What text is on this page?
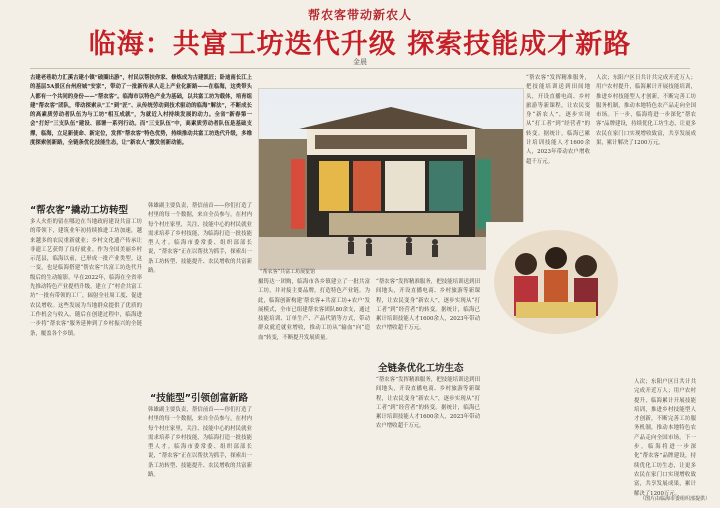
帮农客带动新农人
临海：共富工坊迭代升级 探索技能成才新路
金晨
古建老巷助力汇溪古建小镇“破圈出游”，村民以帮扶你家、修炼成为古建凯匠；卧迪南长江上的基层5A景区台州府城“安家”，带动了一批新传承人走上产业化新路——在临海，这类带头人都有一个共同的身份——“帮农客”。临海市以特色产业为基础，以共富工坊为载体，培育组建“帮农客”团队，带动探索从“工”到“匠”、从传统劳动到技术驱动的临海“解法”，不断成长的高素质劳动者队伍为与工坊“相互成就”，为就近入村持续发展的动力。全省“新春第一会”打好“三支队伍”建设、部署一系列行动。而“三支队伍”中，高素质劳动者队伍是基础支撑，临海，立足新使命、新定位，发挥“帮农客”特色优势，持续推动共富工坊迭代升级，多维度探索创新路，全链条优化技能生态，让“新农人”激发创新动能。
“帮农客”撬动工坊转型
多人火炬的留在哪边在当地政府建设共富工坊的带领下，建筑业年初持续推进工坊加速，越来越多的农民重新就业；乡村文化遗产传承让非遗工艺获得了良好就业。作为全国美丽乡村示范县，临海以前，已形成一批产业类型。这一变，也是临海搭建“帮农客”共富工坊迭代升级后的生动缩影。早在2022年，临海在全省率先推动特色产业提档升级，建立了“村企共富工坊”一批有带领的工厂，辐射全社周工度、促进农民增收。这些发展为当地群众提供了优质的工作机会与收入。随后在创建过程中，临海进一步将“帮农客”服务延伸到了乡村振兴的全链条，覆盖各个乡镇。
韩雄副主要负责，帮信前首——你们打造了村里的每一个数据，来自全员参与，在村内每个村庄家里，关注、技能中心的村民就业需求培养了乡村技能，为临海打造一批技能型人才。临海市委常委、组织部部长说，“帮农客”正在以帮扶为抓手，探索出一条工坊转型、技能提升、农民增收的共富新路。
“技能型”引领创富新路
韩雄副主要负责，帮信前首——你们打造了村里的每一个数据，来自全员参与，在村内每个村庄家里，关注、技能中心的村民就业需求培养了乡村技能，为临海打造一批技能型人才。临海市委常委、组织部部长说，“帮农客”正在以帮扶为抓手，探索出一条工坊转型、技能提升、农民增收的共富新路。
“帮农客”共富工坊展览馆
摄铸达一团购，临海市各乡镇建立了一批共富工坊，并对接主要品牌，打造特色产业链。为此，临海创新构建‘帮农客+共富工坊+农户’发展模式，全市已组建帮农客团队80余支，通过技能培训、订单生产、产品代销等方式，带动群众就近就业增收，推动工坊从“输血”向“造血”转变，不断提升发展质量。
“帮农客”发挥精准服务，把技能培训送到田间地头，开设直播电商、乡村旅游等新课程，让农民变身“新农人”，逐步实现从“打工者”到“经营者”的转变。据统计，临海已累计培训技能人才1600余人，2023年带动农户增收超千万元。
全链条优化工坊生态
“帮农客”发挥精准服务，把技能培训送到田间地头，开设直播电商、乡村旅游等新课程，让农民变身“新农人”，逐步实现从“打工者”到“经营者”的转变。据统计，临海已累计培训技能人才1600余人，2023年带动农户增收超千万元。
人次；东阳户区日共计共完成开近万人；用户农村提升，临海累计开展技能培训，推进乡村技能型人才创新，不断完善工坊服务机制，推动本地特色农产品走向全国市场。下一步，临海将进一步深化“帮农客”品牌建设，持续优化工坊生态，让更多农民在家门口实现增收致富，共享发展成果，累计解决了1200万元。
“帮农客”发挥精准服务，把技能培训送到田间地头，开设直播电商、乡村旅游等新课程，让农民变身“新农人”，逐步实现从“打工者”到“经营者”的转变。据统计，临海已累计培训技能人才1600余人，2023年带动农户增收超千万元。
人次；东阳户区日共计共完成开近万人；用户农村提升，临海累计开展技能培训，推进乡村技能型人才创新，不断完善工坊服务机制，推动本地特色农产品走向全国市场。下一步，临海将进一步深化“帮农客”品牌建设，持续优化工坊生态，让更多农民在家门口实现增收致富，共享发展成果，累计解决了1200万元。
（图片由临海市委组织部提供）
